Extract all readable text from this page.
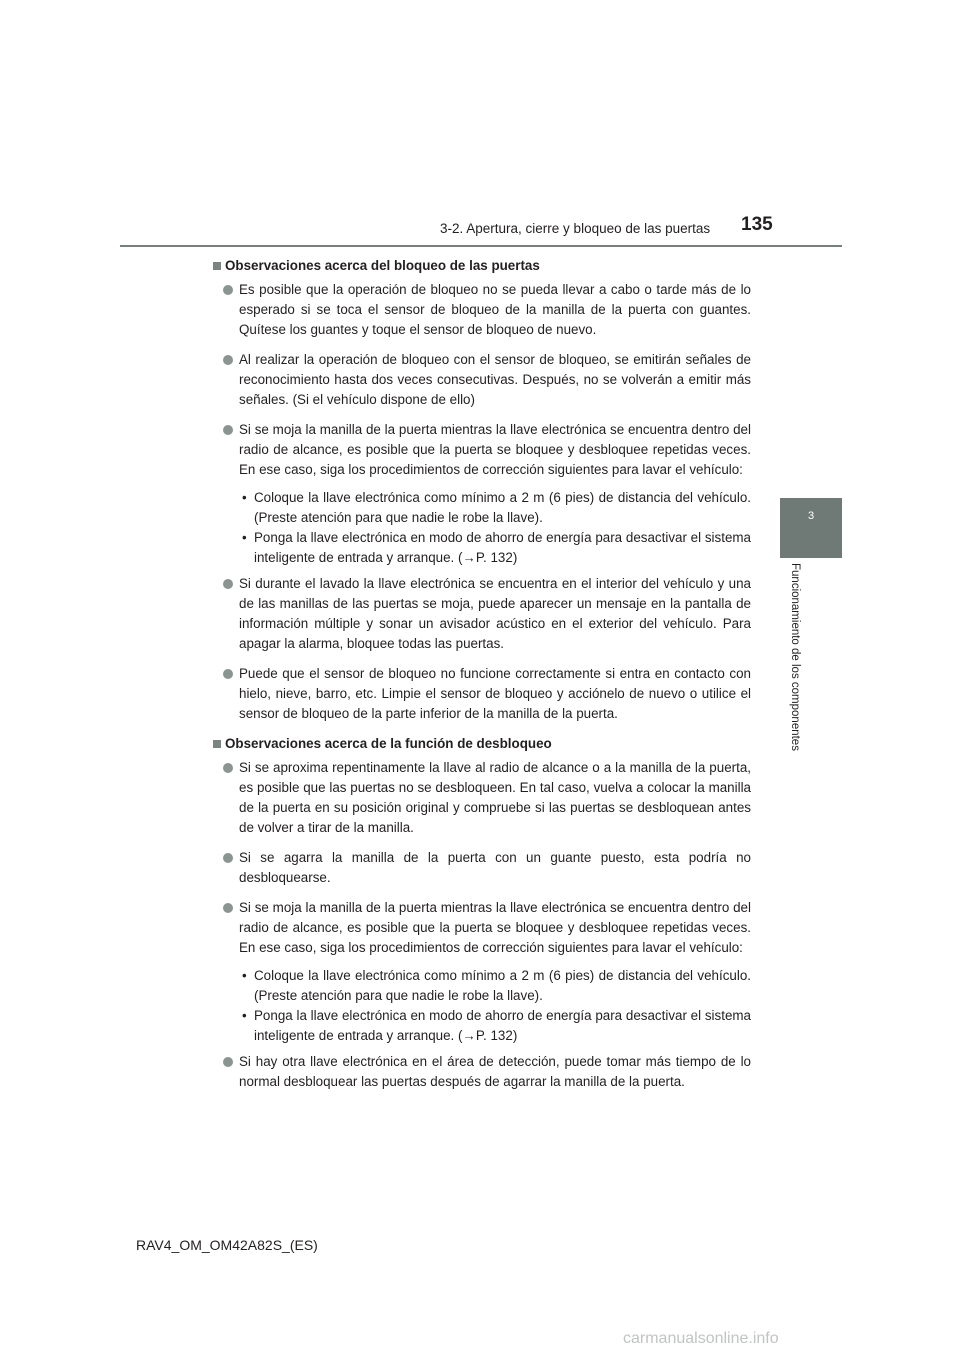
3-2. Apertura, cierre y bloqueo de las puertas 135
3
Funcionamiento de los componentes
Observaciones acerca del bloqueo de las puertas
Es posible que la operación de bloqueo no se pueda llevar a cabo o tarde más de lo esperado si se toca el sensor de bloqueo de la manilla de la puerta con guantes. Quítese los guantes y toque el sensor de bloqueo de nuevo.
Al realizar la operación de bloqueo con el sensor de bloqueo, se emitirán señales de reconocimiento hasta dos veces consecutivas. Después, no se volverán a emitir más señales. (Si el vehículo dispone de ello)
Si se moja la manilla de la puerta mientras la llave electrónica se encuentra dentro del radio de alcance, es posible que la puerta se bloquee y desbloquee repetidas veces. En ese caso, siga los procedimientos de corrección siguientes para lavar el vehículo:
• Coloque la llave electrónica como mínimo a 2 m (6 pies) de distancia del vehículo. (Preste atención para que nadie le robe la llave).
• Ponga la llave electrónica en modo de ahorro de energía para desactivar el sistema inteligente de entrada y arranque. (→P. 132)
Si durante el lavado la llave electrónica se encuentra en el interior del vehículo y una de las manillas de las puertas se moja, puede aparecer un mensaje en la pantalla de información múltiple y sonar un avisador acústico en el exterior del vehículo. Para apagar la alarma, bloquee todas las puertas.
Puede que el sensor de bloqueo no funcione correctamente si entra en contacto con hielo, nieve, barro, etc. Limpie el sensor de bloqueo y acciónelo de nuevo o utilice el sensor de bloqueo de la parte inferior de la manilla de la puerta.
Observaciones acerca de la función de desbloqueo
Si se aproxima repentinamente la llave al radio de alcance o a la manilla de la puerta, es posible que las puertas no se desbloqueen. En tal caso, vuelva a colocar la manilla de la puerta en su posición original y compruebe si las puertas se desbloquean antes de volver a tirar de la manilla.
Si se agarra la manilla de la puerta con un guante puesto, esta podría no desbloquearse.
Si se moja la manilla de la puerta mientras la llave electrónica se encuentra dentro del radio de alcance, es posible que la puerta se bloquee y desbloquee repetidas veces. En ese caso, siga los procedimientos de corrección siguientes para lavar el vehículo:
• Coloque la llave electrónica como mínimo a 2 m (6 pies) de distancia del vehículo. (Preste atención para que nadie le robe la llave).
• Ponga la llave electrónica en modo de ahorro de energía para desactivar el sistema inteligente de entrada y arranque. (→P. 132)
Si hay otra llave electrónica en el área de detección, puede tomar más tiempo de lo normal desbloquear las puertas después de agarrar la manilla de la puerta.
RAV4_OM_OM42A82S_(ES)
carmanualsonline.info
